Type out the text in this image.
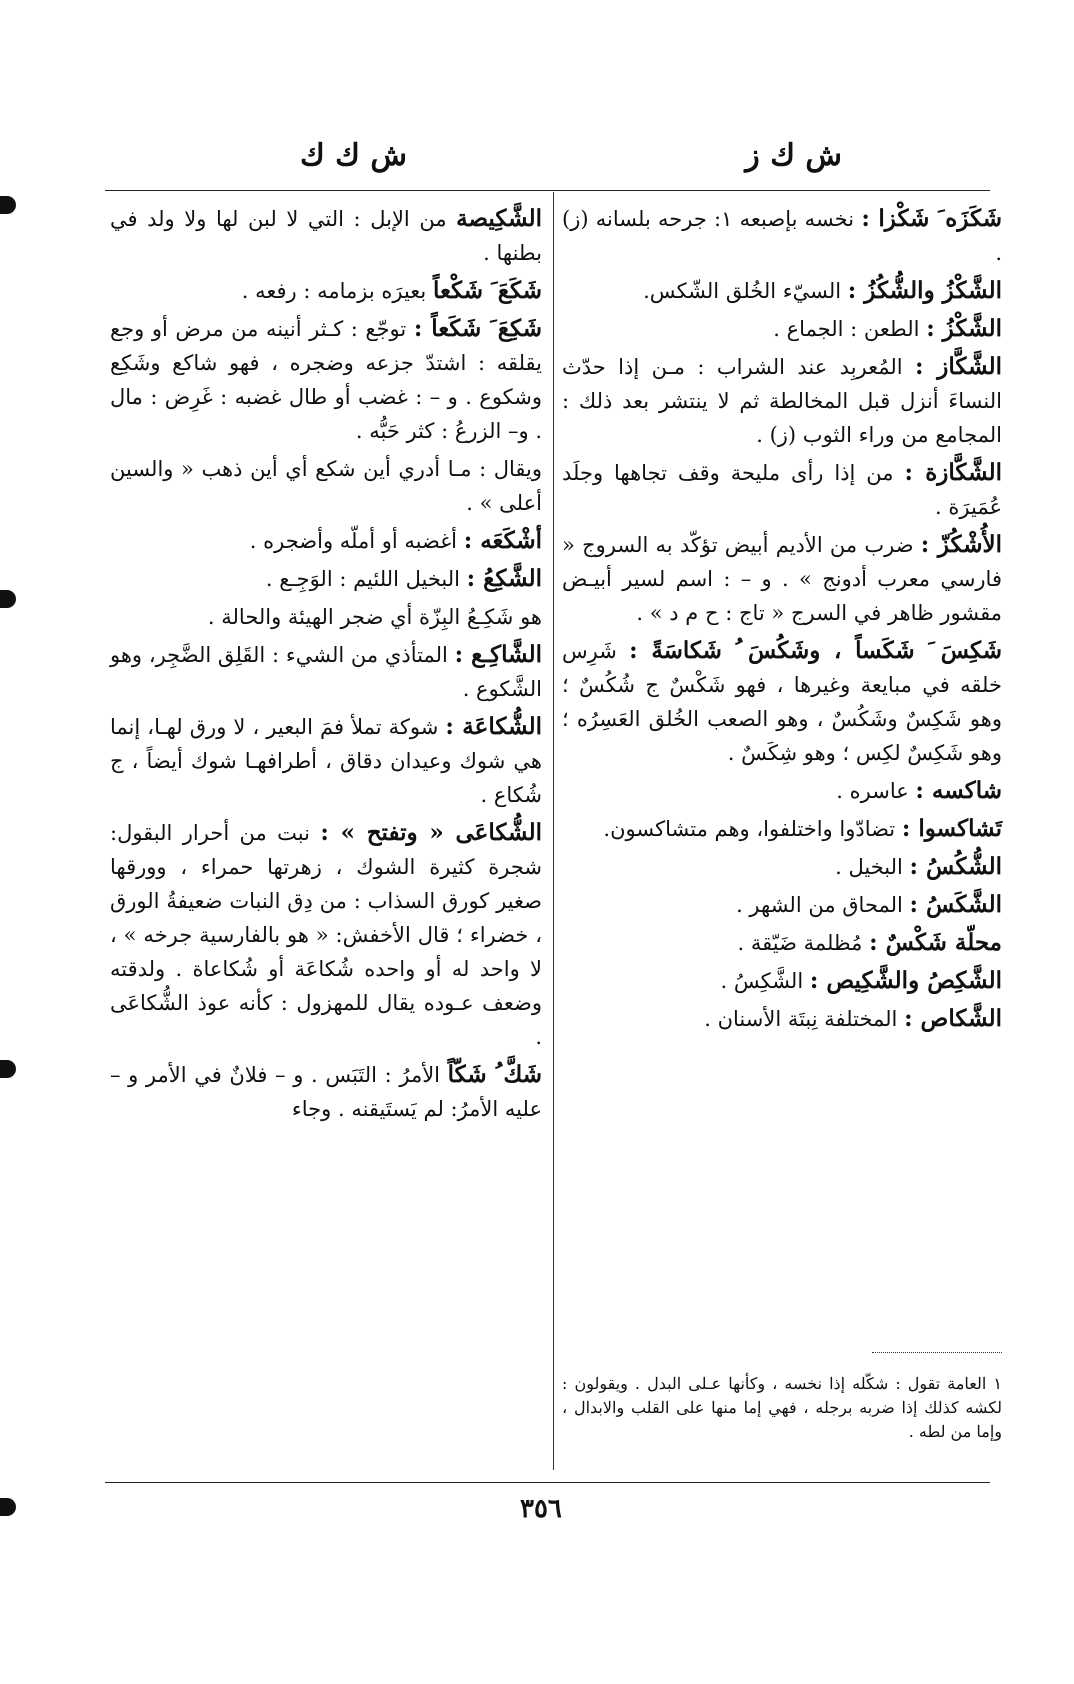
ش ك ز
ش ك ك

شَكَزَه َ شَكْزا : نخسه بإصبعه ١: جرحه بلسانه (ز) .

الشَّكْزُ والشُّكُزُ : السيّء الخُلق الشّكس.

الشَّكْزُ : الطعن : الجماع .

الشَّكَّاز : المُعربِد عند الشراب : مـن إذا حدّث النساءَ أنزل قبل المخالطة ثم لا ينتشر بعد ذلك : المجامع من وراء الثوب (ز) .

الشَّكَّازة : من إذا رأى مليحة وقف تجاهها وجلَد عُمَيرَة .

الأُشْكُزّ : ضرب من الأديم أبيض تؤكّد به السروج « فارسي معرب أدونج » . و – : اسم لسير أبيـض مقشور ظاهر في السرج « تاج : ح م د » .

شَكِسَ َ شَكَساً ، وشَكُسَ ُ شَكاسَةً : شَرِس خلقه في مبايعة وغيرها ، فهو شَكْسٌ ج شُكُسٌ ؛ وهو شَكِسٌ وشَكُسٌ ، وهو الصعب الخُلق العَسِرُه ؛ وهو شَكِسٌ لكِس ؛ وهو شِكَسٌ .

شاكسه : عاسره .

تَشاكسوا : تضادّوا واختلفوا، وهم متشاكسون.

الشُّكُسُ : البخيل .

الشَّكَسُ : المحاق من الشهر .

محلّة شَكْسٌ : مُظلمة ضَيّقة .

الشَّكِصُ والشَّكِيص : الشَّكِسُ .

الشَّكاص : المختلفة نِبتَة الأسنان .

١ العامة تقول : شكّله إذا نخسه ، وكأنها عـلى البدل . ويقولون : لكشه كذلك إذا ضربه برجله ، فهي إما منها على القلب والابدال ، وإما من لطه .

الشَّكِيصة من الإبل : التي لا لبن لها ولا ولد في بطنها .

شَكَعَ َ شَكْعاً بعيرَه بزمامه : رفعه .

شَكِعَ َ شَكَعاً : توجّع : كـثر أنينه من مرض أو وجع يقلقه : اشتدّ جزعه وضجره ، فهو شاكع وشَكِع وشكوع . و – : غضب أو طال غضبه : غَرِض : مال . و– الزرعُ : كثر حَبُّه .

ويقال : مـا أدري أين شكع أي أين ذهب « والسين أعلى » .

أشْكَعَه : أغضبه أو أملّه وأضجره .

الشَّكِعُ : البخيل اللئيم : الوَجِـع .

هو شَكِـعُ البِزّة أي ضجر الهيئة والحالة .

الشَّاكِـع : المتأذي من الشيء : القَلِق الضَّجِر، وهو الشَّكوع .

الشُّكاعَة : شوكة تملأ فمَ البعير ، لا ورق لهـا، إنما هي شوك وعيدان دقاق ، أطرافهـا شوك أيضاً ، ج شُكاع .

الشُّكاعَى « وتفتح » : نبت من أحرار البقول: شجرة كثيرة الشوك ، زهرتها حمراء ، وورقها صغير كورق السذاب : من دِق النبات ضعيفةُ الورق ، خضراء ؛ قال الأخفش: « هو بالفارسية جرخه » ، لا واحد له أو واحده شُكاعَة أو شُكاعاة . ولدقته وضعف عـوده يقال للمهزول : كأنه عوذ الشُّكاعَى .

شَكَّ ُ شَكّاً الأمرُ : التَبَس . و – فلانٌ في الأمر و – عليه الأمرُ: لم يَستَيقنه . وجاء

٣٥٦
